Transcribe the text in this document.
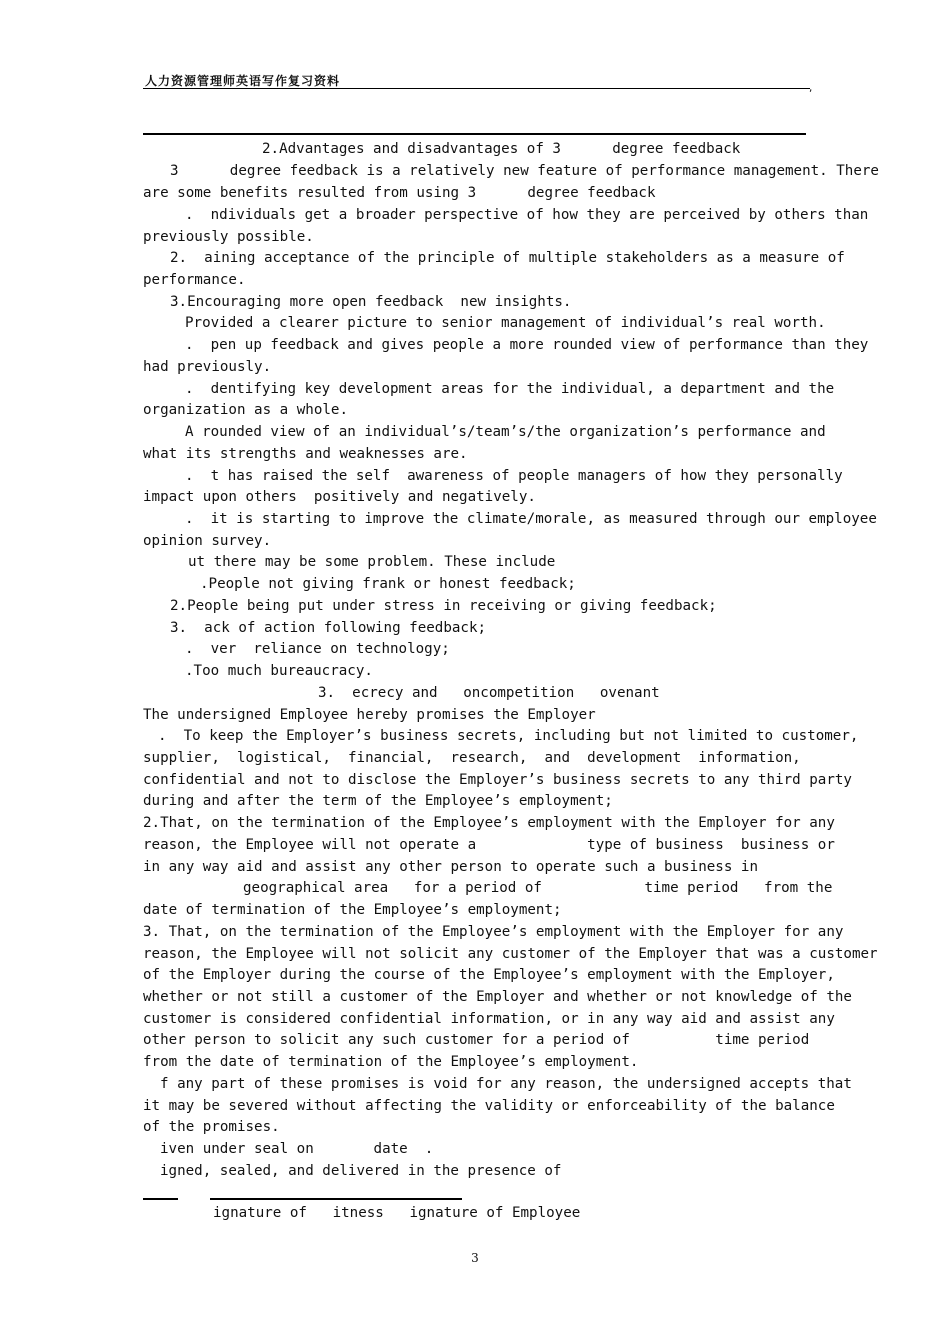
人力资源管理师英语写作复习资料
,
2.Advantages and disadvantages of 3      degree feedback
3      degree feedback is a relatively new feature of performance management. There
are some benefits resulted from using 3      degree feedback
.  ndividuals get a broader perspective of how they are perceived by others than
previously possible.
2.  aining acceptance of the principle of multiple stakeholders as a measure of
performance.
3.Encouraging more open feedback  new insights.
Provided a clearer picture to senior management of individual’s real worth.
.  pen up feedback and gives people a more rounded view of performance than they
had previously.
.  dentifying key development areas for the individual, a department and the
organization as a whole.
A rounded view of an individual’s/team’s/the organization’s performance and
what its strengths and weaknesses are.
.  t has raised the self  awareness of people managers of how they personally
impact upon others  positively and negatively.
.  it is starting to improve the climate/morale, as measured through our employee
opinion survey.
ut there may be some problem. These include
.People not giving frank or honest feedback;
2.People being put under stress in receiving or giving feedback;
3.  ack of action following feedback;
.  ver  reliance on technology;
.Too much bureaucracy.
3.  ecrecy and   oncompetition   ovenant
The undersigned Employee hereby promises the Employer
.  To keep the Employer’s business secrets, including but not limited to customer,
supplier,  logistical,  financial,  research,  and  development  information,
confidential and not to disclose the Employer’s business secrets to any third party
during and after the term of the Employee’s employment;
2.That, on the termination of the Employee’s employment with the Employer for any
reason, the Employee will not operate a             type of business  business or
in any way aid and assist any other person to operate such a business in
geographical area   for a period of            time period   from the
date of termination of the Employee’s employment;
3. That, on the termination of the Employee’s employment with the Employer for any
reason, the Employee will not solicit any customer of the Employer that was a customer
of the Employer during the course of the Employee’s employment with the Employer,
whether or not still a customer of the Employer and whether or not knowledge of the
customer is considered confidential information, or in any way aid and assist any
other person to solicit any such customer for a period of          time period
from the date of termination of the Employee’s employment.
f any part of these promises is void for any reason, the undersigned accepts that
it may be severed without affecting the validity or enforceability of the balance
of the promises.
iven under seal on       date  .
igned, sealed, and delivered in the presence of
ignature of   itness   ignature of Employee
3
